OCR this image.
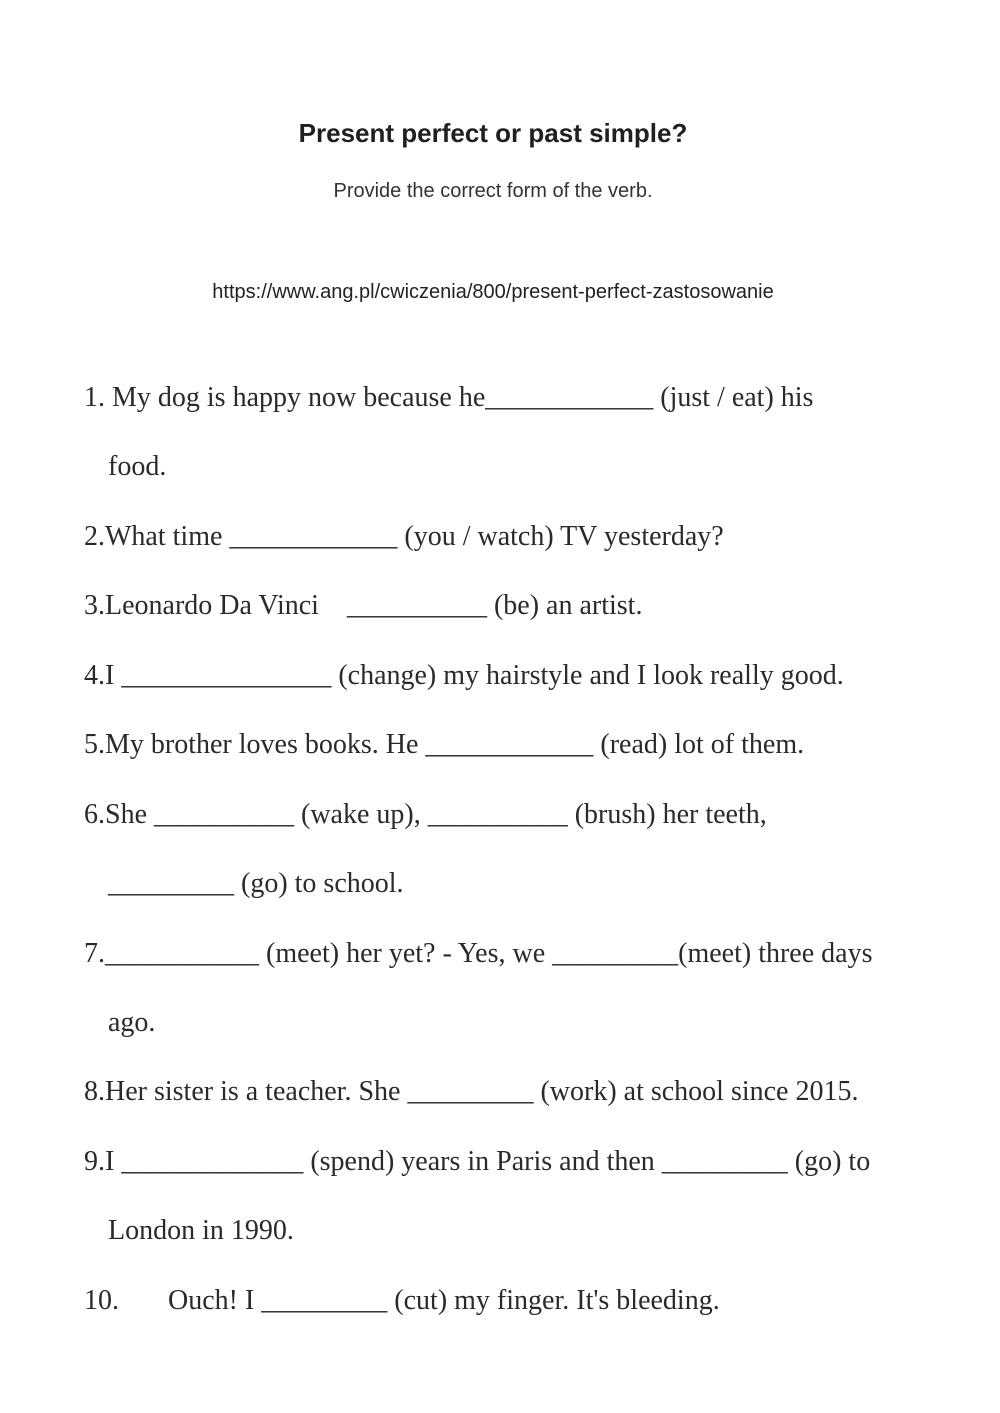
Present perfect or past simple?
Provide the correct form of the verb.
https://www.ang.pl/cwiczenia/800/present-perfect-zastosowanie
1. My dog is happy now because he____________ (just / eat) his
food.
2.What time ____________ (you / watch) TV yesterday?
3.Leonardo Da Vinci    __________ (be) an artist.
4.I _______________ (change) my hairstyle and I look really good.
5.My brother loves books. He ____________ (read) lot of them.
6.She __________ (wake up), __________ (brush) her teeth,
_________ (go) to school.
7.___________ (meet) her yet? - Yes, we _________(meet) three days
ago.
8.Her sister is a teacher. She _________ (work) at school since 2015.
9.I _____________ (spend) years in Paris and then _________ (go) to
London in 1990.
10.       Ouch! I _________ (cut) my finger. It's bleeding.
